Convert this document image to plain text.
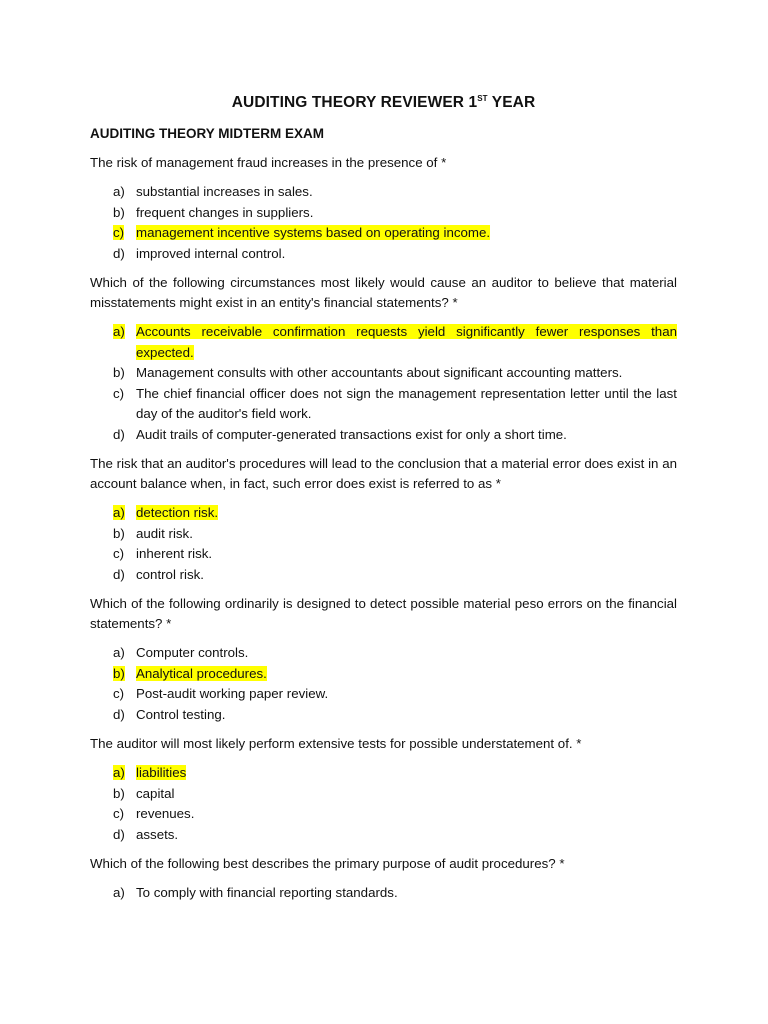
AUDITING THEORY REVIEWER 1ST YEAR
AUDITING THEORY MIDTERM EXAM

The risk of management fraud increases in the presence of *

a) substantial increases in sales.
b) frequent changes in suppliers.
c) management incentive systems based on operating income.
d) improved internal control.

Which of the following circumstances most likely would cause an auditor to believe that material misstatements might exist in an entity's financial statements? *

a) Accounts receivable confirmation requests yield significantly fewer responses than expected.
b) Management consults with other accountants about significant accounting matters.
c) The chief financial officer does not sign the management representation letter until the last day of the auditor's field work.
d) Audit trails of computer-generated transactions exist for only a short time.

The risk that an auditor's procedures will lead to the conclusion that a material error does exist in an account balance when, in fact, such error does exist is referred to as *

a) detection risk.
b) audit risk.
c) inherent risk.
d) control risk.

Which of the following ordinarily is designed to detect possible material peso errors on the financial statements? *

a) Computer controls.
b) Analytical procedures.
c) Post-audit working paper review.
d) Control testing.

The auditor will most likely perform extensive tests for possible understatement of. *

a) liabilities
b) capital
c) revenues.
d) assets.

Which of the following best describes the primary purpose of audit procedures? *

a) To comply with financial reporting standards.
